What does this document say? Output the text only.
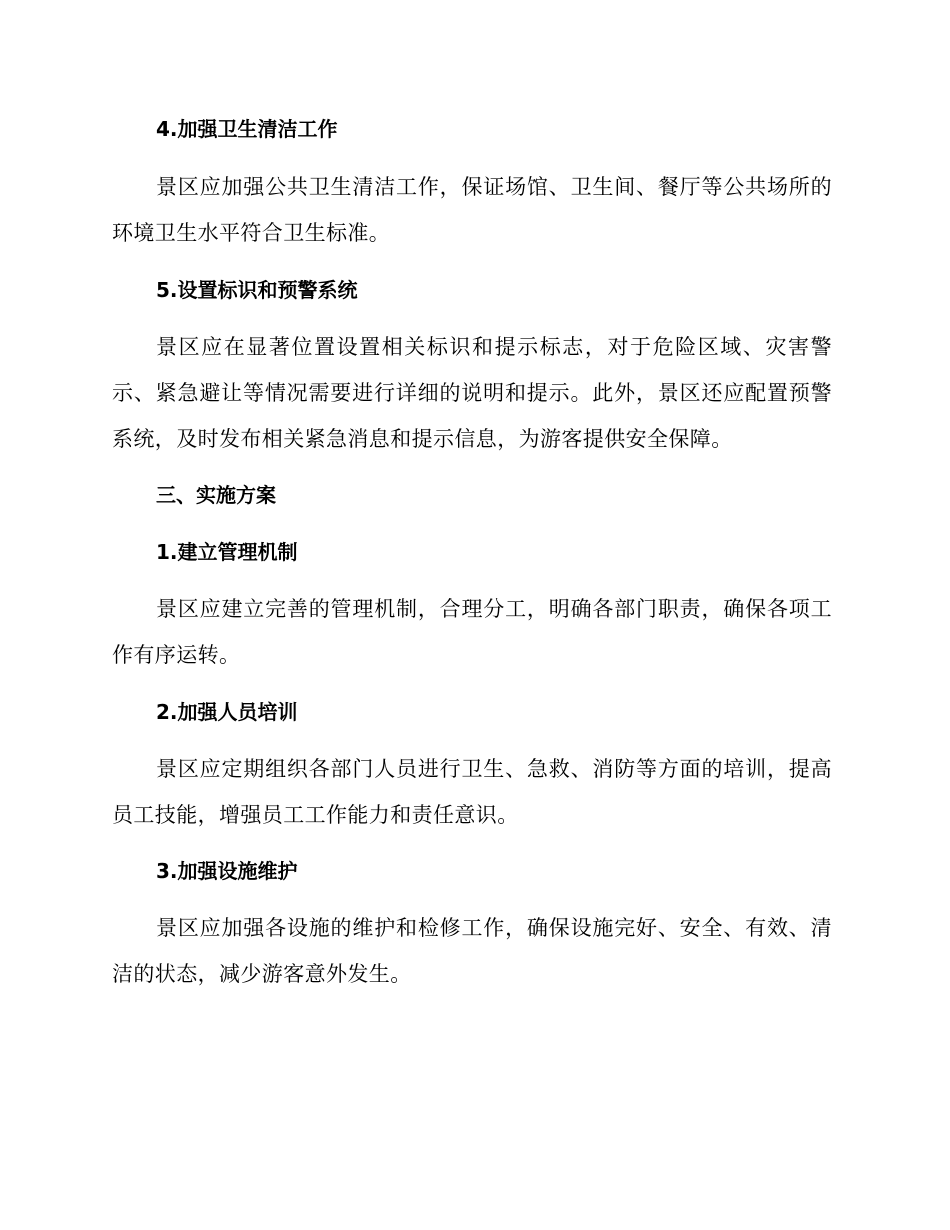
4.加强卫生清洁工作
景区应加强公共卫生清洁工作，保证场馆、卫生间、餐厅等公共场所的环境卫生水平符合卫生标准。
5.设置标识和预警系统
景区应在显著位置设置相关标识和提示标志，对于危险区域、灾害警示、紧急避让等情况需要进行详细的说明和提示。此外，景区还应配置预警系统，及时发布相关紧急消息和提示信息，为游客提供安全保障。
三、实施方案
1.建立管理机制
景区应建立完善的管理机制，合理分工，明确各部门职责，确保各项工作有序运转。
2.加强人员培训
景区应定期组织各部门人员进行卫生、急救、消防等方面的培训，提高员工技能，增强员工工作能力和责任意识。
3.加强设施维护
景区应加强各设施的维护和检修工作，确保设施完好、安全、有效、清洁的状态，减少游客意外发生。
